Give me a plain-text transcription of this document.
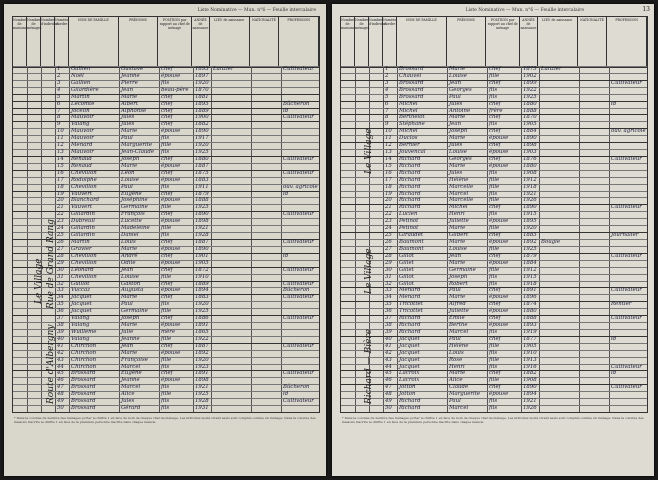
Liste Nominative — Mun. n°6 — Feuille intercalaire
Nombre de maisons
Nombre de ménages
Nombre d'individus
Numéro d'ordre
NOM DE FAMILLE	PRÉNOMS	POSITION par rapport au chef de ménage
ANNÉE de naissance
LIEU de naissance	NATIONALITÉ	PROFESSION
1 Gallien	Gustave	chef	1893 Lanzier	Cultivateur
2 Noël	Jeanne	épouse	1897
3 Gallien	Pierre	fils	1920
4 Gilardière	Jean	beau-père 1870
5 Martin	Marie	chef	1881
6 Lecomte	Albert	chef	1895	Bûcheron
7 Jocelin	Alphonse	chef	1889	id
8 Mauvoir	Jules	chef	1900	Cultivateur
9 Valang	Jules	chef	1882
10 Mauvoir	Marie	épouse	1890
11 Mauvoir	Paul	fils	1917
12 Menard	Marguerite fille	1920
13 Mauvoir	Jean-Claude fils	1925
14 Renaud	Joseph	chef	1880	Cultivateur
15 Renaud	Marie	épouse	1887
16 Chevillon	Léon	chef	1875	Cultivateur
17 Rodolphe	Louise	épouse	1883
18 Chevillon	Paul	fils	1911	ouv. agricole
19 Vauvert	Eugène	chef	1879	id
20 Blanchard	Joséphine épouse	1888
21 Vauvert	Germaine fille	1925
22 Gillardin	François	chef	1890	Cultivateur
23 Dubreuil	Lucette	épouse	1898
24 Gillardin	Madeleine fille	1921
25 Gillardin	Daniel	fils	1928
26 Martin	Louis	chef	1887	Cultivateur
27 Gravier	Marie	épouse	1890
28 Chevillon	André	chef	1901	id
29 Chevillon	Odile	épouse	1905
30 Léonard	Jean	chef	1872	Cultivateur
31 Chevillon	Louise	fille	1910
32 Guillot	Gaston	chef	1889	Cultivateur
33 Vuccaz	Augusta	épouse	1894	Bûcheron
34 Jacquet	Marie	chef	1883	Cultivateur
35 Jacquet	Paul	fils	1920
36 Jacquet	Germaine fille	1925
37 Valang	Joseph	chef	1886	Cultivateur
38 Valang	Marie	épouse	1891
39 Wuilleme	Julie	mère	1865
40 Valang	Jeanne	fille	1922
41 Chirchon	Jean	chef	1887	Cultivateur
42 Chirchon	Marie	épouse	1892
43 Chirchon	Françoise fille	1920
44 Chirchon	Marcel	fils	1923
45 Brossard	Eugène	chef	1891	Cultivateur
46 Brossard	Jeanne	épouse	1898
47 Brossard	Marcel	fils	1921	Bûcheron
48 Brossard	Alice	fille	1925	id
49 Brossard	Jules	fils	1928	Cultivateur
50 Brossard	Gérard	fils	1931
* Dans la colonne du nombre des ménages porter le chiffre 1 en face du nom de chaque chef de ménage. Les individus isolés vivant seuls sont comptés comme un ménage. Dans la colonne des maisons inscrire le chiffre 1 en face de la première personne inscrite dans chaque maison.
Le Village Rue de Grand Rang
Route d'Albergny
Liste Nominative — Mun. n°6 — Feuille intercalaire	13
Nombre de maisons
Nombre de ménages
Nombre d'individus
Numéro d'ordre
NOM DE FAMILLE	PRÉNOMS	POSITION par rapport au chef de ménage
ANNÉE de naissance
LIEU de naissance	NATIONALITÉ	PROFESSION
1 Brossard	Marie	chef	1875 Lanzier
2 Chauvel	Louise	fille	1902
3 Brossard	Jean	chef	1899	Cultivateur
4 Brossard	Georges	fils	1922
5 Brossard	Paul	fils	1925
6 Michel	Jules	chef	1880	id
7 Michel	Antoine	frère	1888
8 Berthelot	Marie	chef	1870
9 Stéphane	Jean	fils	1905
10 Michel	Joseph	chef	1884	ouv. agricole
11 Duclos	Marie	épouse	1890
12 Bernier	Jules	chef	1898
13 Jouvencal	Louise	épouse	1903
14 Richard	Georges	chef	1876	Cultivateur
15 Richard	Marie	épouse	1880
16 Richard	Jules	fils	1908
17 Richard	Hélène	fille	1912
18 Richard	Marcelle	fille	1918
19 Richard	Marcel	fils	1921
20 Richard	Marcelle	fille	1926
21 Richard	Michel	chef	1890	Cultivateur
22 Lucien	Henri	fils	1915
23 Petinot	Juliette	épouse	1895
24 Petinot	Marie	fille	1920
25 Giraudet	Gilbert	chef	1885	Journalier
26 Baumont	Marie	épouse	1892 Bougie
27 Baumont	Louise	fille	1925
28 Gillot	Jean	chef	1879	Cultivateur
29 Gillet	Marie	épouse	1884
30 Gillet	Germaine fille	1912
31 Gillot	Joseph	fils	1915
32 Gillot	Robert	fils	1918
33 Menard	Paul	chef	1891	Cultivateur
34 Menard	Marie	épouse	1896
35 Tricottet	Alfred	chef	1874	Rentier
36 Tricottet	Juliette	épouse	1880
37 Richard	Émile	chef	1888	Cultivateur
38 Richard	Berthe	épouse	1893
39 Richard	Marcel	fils	1919
40 Jacquet	Paul	chef	1877	id
41 Jacquet	Hélène	fille	1905
42 Jacquet	Louis	fils	1910
43 Jacquet	Rose	fille	1913
44 Jacquet	Henri	fils	1916	Cultivateur
45 Lacroix	Marie	chef	1882	id
46 Lacroix	Alice	fille	1908
47 Jotton	Claude	chef	1890	Cultivateur
48 Jotton	Marguerite épouse	1894
49 Richard	Paul	fils	1921
50 Richard	Marcel	fils	1926
* Dans la colonne du nombre des ménages porter le chiffre 1 en face du nom de chaque chef de ménage. Les individus isolés vivant seuls sont comptés comme un ménage. Dans la colonne des maisons inscrire le chiffre 1 en face de la première personne inscrite dans chaque maison.
Le Village
Le Village
Richard — Bière
